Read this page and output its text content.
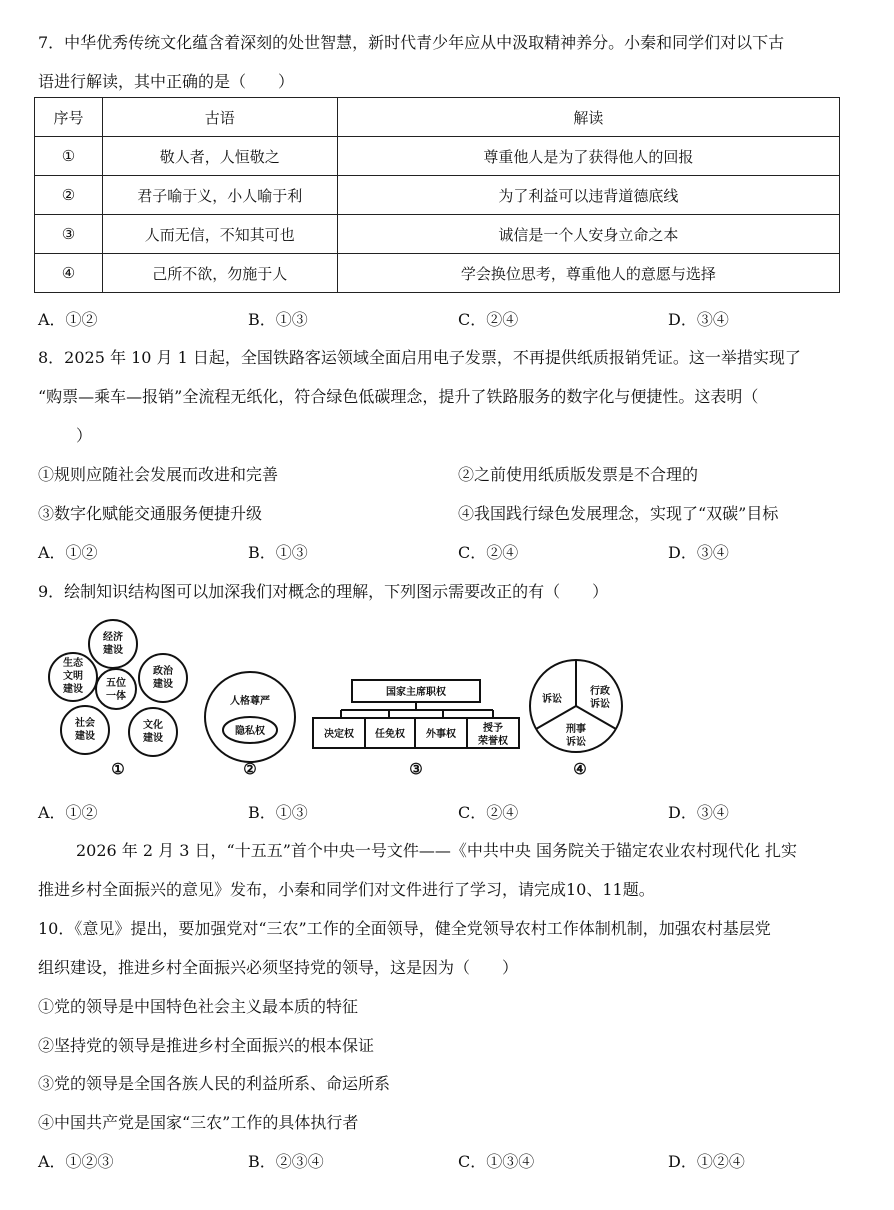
7．中华优秀传统文化蕴含着深刻的处世智慧，新时代青少年应从中汲取精神养分。小秦和同学们对以下古
语进行解读，其中正确的是（　　）
序号	古语	解读
①	敬人者，人恒敬之	尊重他人是为了获得他人的回报
②	君子喻于义，小人喻于利	为了利益可以违背道德底线
③	人而无信，不知其可也	诚信是一个人安身立命之本
④	己所不欲，勿施于人	学会换位思考，尊重他人的意愿与选择
A．①②	B．①③	C．②④	D．③④
8．2025 年 10 月 1 日起，全国铁路客运领域全面启用电子发票，不再提供纸质报销凭证。这一举措实现了
“购票—乘车—报销”全流程无纸化，符合绿色低碳理念，提升了铁路服务的数字化与便捷性。这表明（
）
①规则应随社会发展而改进和完善	②之前使用纸质版发票是不合理的
③数字化赋能交通服务便捷升级	④我国践行绿色发展理念，实现了“双碳”目标
A．①②	B．①③	C．②④	D．③④
9．绘制知识结构图可以加深我们对概念的理解，下列图示需要改正的有（　　）
经济
建设
政治
建设
文化
建设
社会
建设
生态
文明
建设
五位
一体	人格尊严
隐私权
国家主席职权
决定权 任免权 外事权
授予
荣誉权
诉讼
行政
诉讼
刑事
诉讼
①	②	③	④
A．①②	B．①③	C．②④	D．③④
2026 年 2 月 3 日，“十五五”首个中央一号文件——《中共中央 国务院关于锚定农业农村现代化 扎实
推进乡村全面振兴的意见》发布，小秦和同学们对文件进行了学习，请完成10、11题。
10．《意见》提出，要加强党对“三农”工作的全面领导，健全党领导农村工作体制机制，加强农村基层党
组织建设，推进乡村全面振兴必须坚持党的领导，这是因为（　　）
①党的领导是中国特色社会主义最本质的特征
②坚持党的领导是推进乡村全面振兴的根本保证
③党的领导是全国各族人民的利益所系、命运所系
④中国共产党是国家“三农”工作的具体执行者
A．①②③	B．②③④	C．①③④	D．①②④
